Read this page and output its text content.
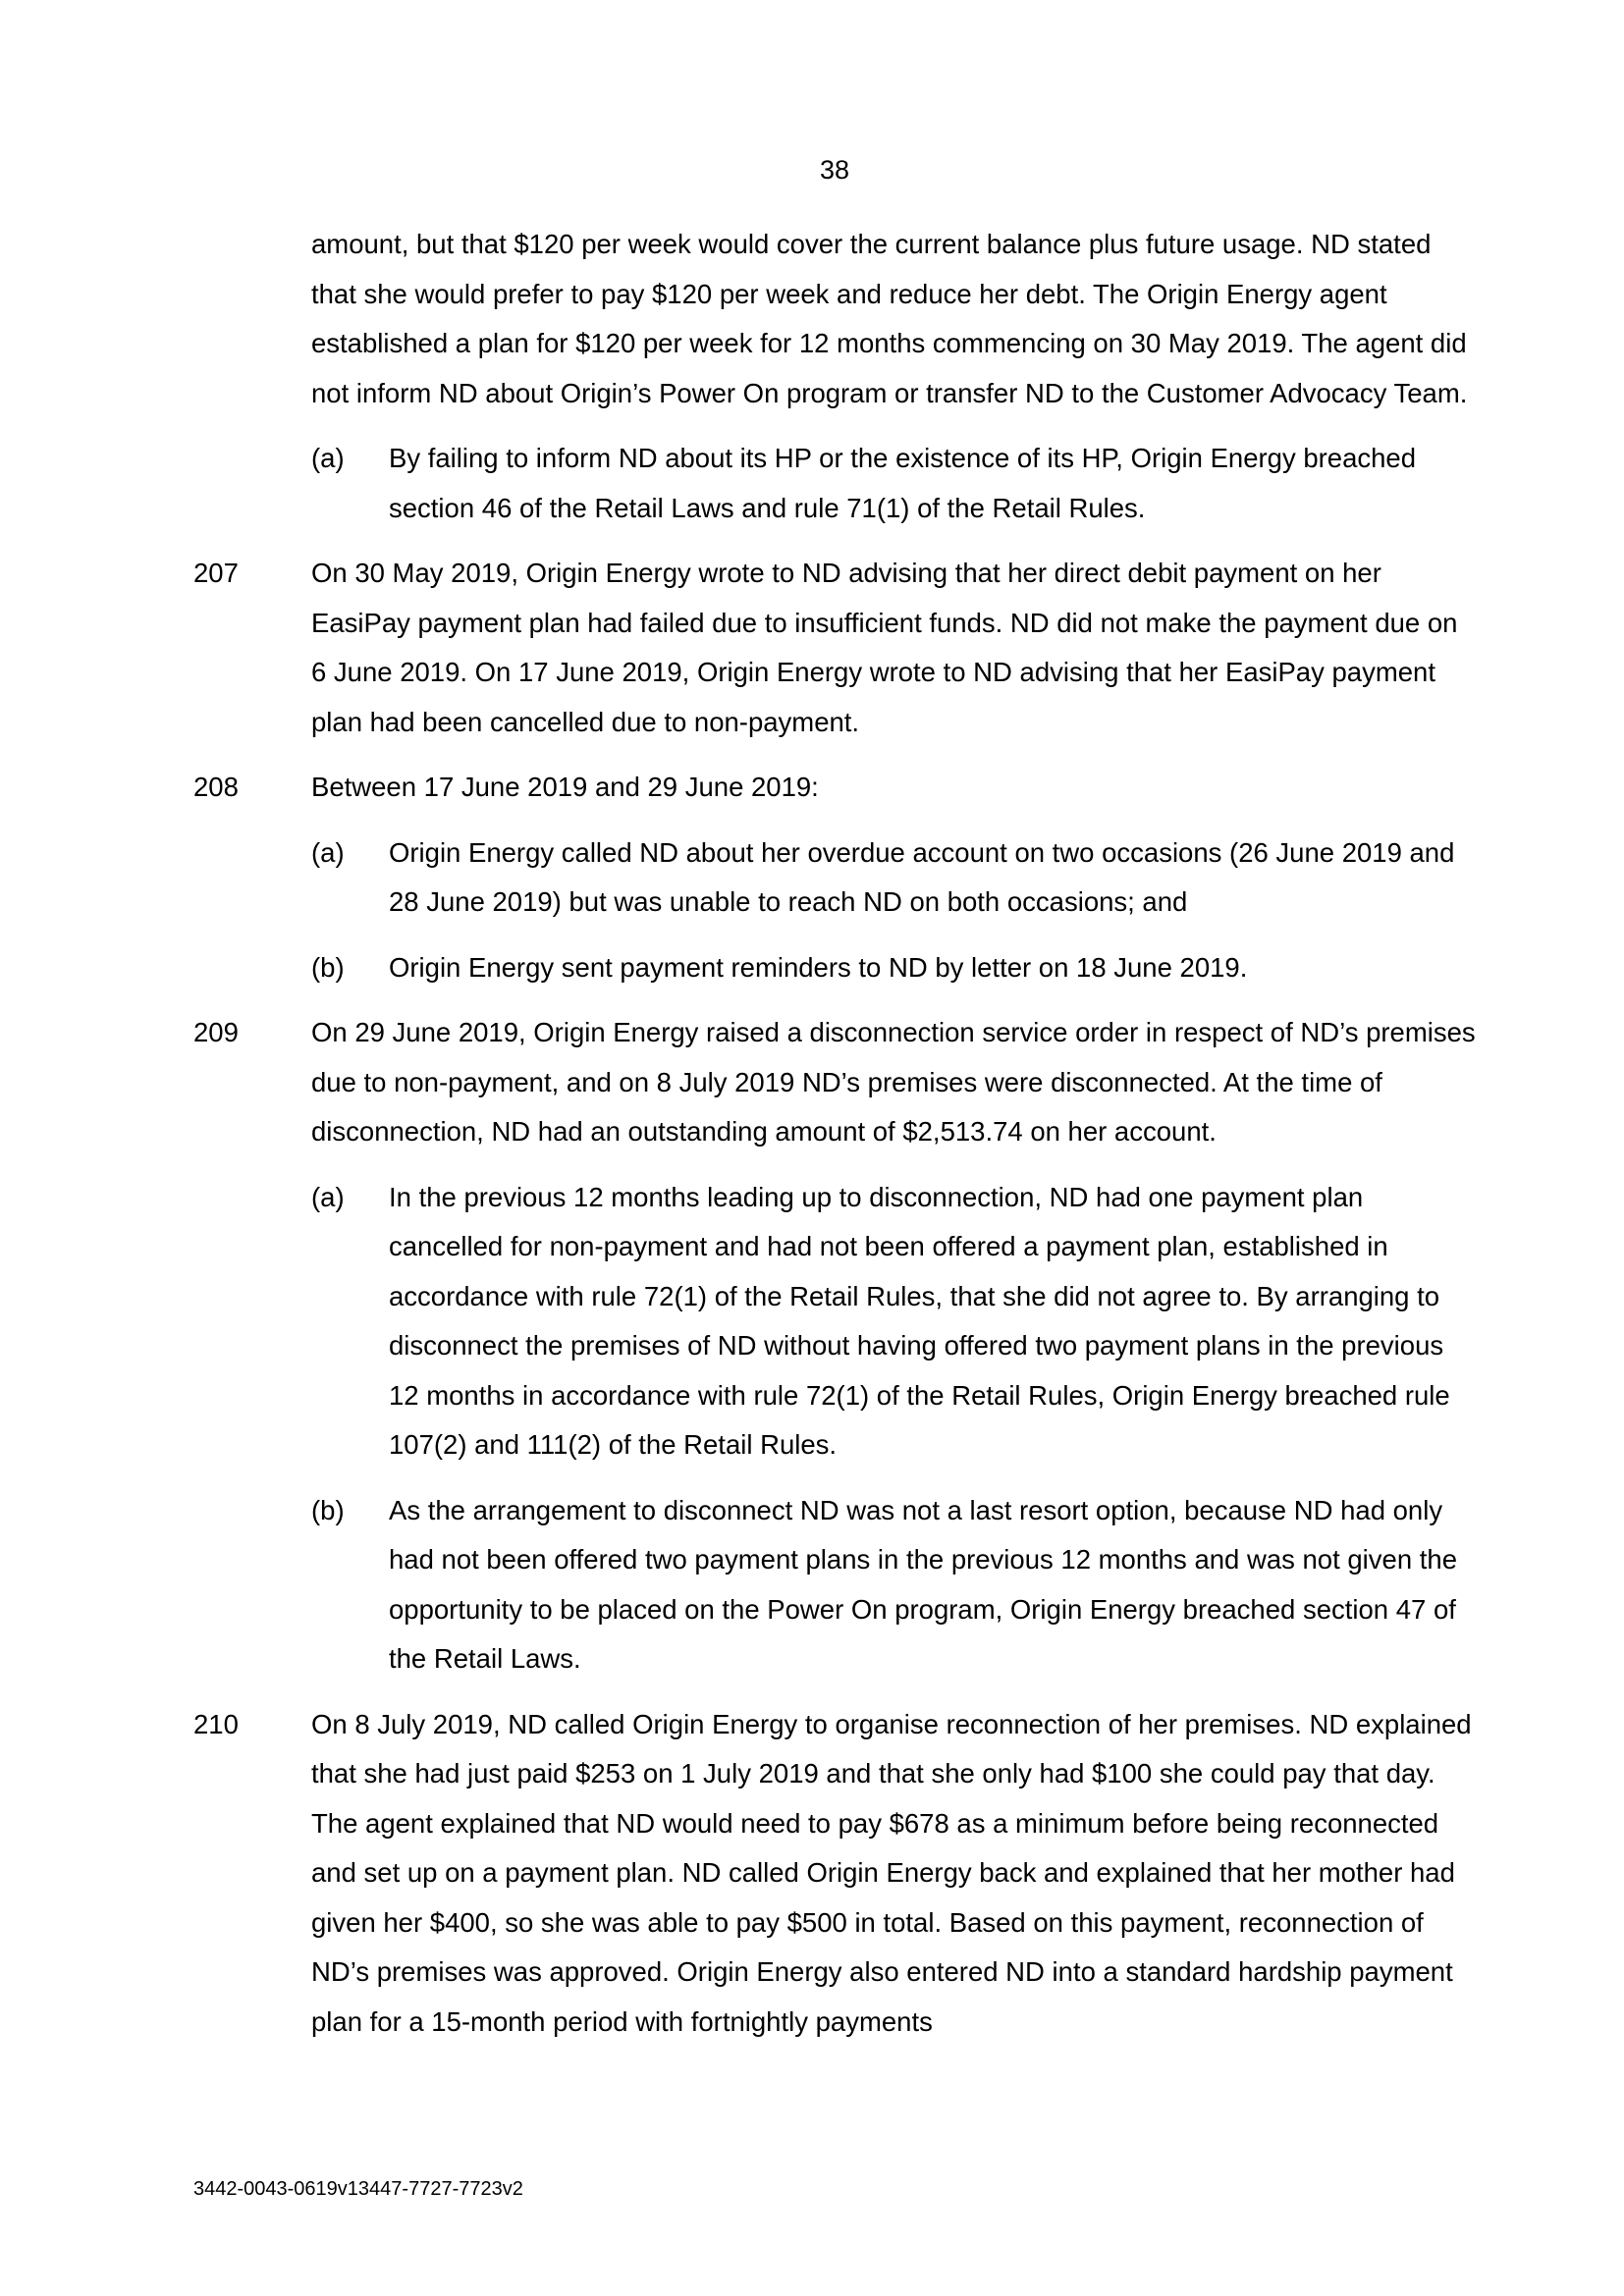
38
amount, but that $120 per week would cover the current balance plus future usage. ND stated that she would prefer to pay $120 per week and reduce her debt. The Origin Energy agent established a plan for $120 per week for 12 months commencing on 30 May 2019. The agent did not inform ND about Origin’s Power On program or transfer ND to the Customer Advocacy Team.
(a) By failing to inform ND about its HP or the existence of its HP, Origin Energy breached section 46 of the Retail Laws and rule 71(1) of the Retail Rules.
207	On 30 May 2019, Origin Energy wrote to ND advising that her direct debit payment on her EasiPay payment plan had failed due to insufficient funds. ND did not make the payment due on 6 June 2019. On 17 June 2019, Origin Energy wrote to ND advising that her EasiPay payment plan had been cancelled due to non-payment.
208	Between 17 June 2019 and 29 June 2019:
(a) Origin Energy called ND about her overdue account on two occasions (26 June 2019 and 28 June 2019) but was unable to reach ND on both occasions; and
(b) Origin Energy sent payment reminders to ND by letter on 18 June 2019.
209	On 29 June 2019, Origin Energy raised a disconnection service order in respect of ND’s premises due to non-payment, and on 8 July 2019 ND’s premises were disconnected. At the time of disconnection, ND had an outstanding amount of $2,513.74 on her account.
(a) In the previous 12 months leading up to disconnection, ND had one payment plan cancelled for non-payment and had not been offered a payment plan, established in accordance with rule 72(1) of the Retail Rules, that she did not agree to. By arranging to disconnect the premises of ND without having offered two payment plans in the previous 12 months in accordance with rule 72(1) of the Retail Rules, Origin Energy breached rule 107(2) and 111(2) of the Retail Rules.
(b) As the arrangement to disconnect ND was not a last resort option, because ND had only had not been offered two payment plans in the previous 12 months and was not given the opportunity to be placed on the Power On program, Origin Energy breached section 47 of the Retail Laws.
210	On 8 July 2019, ND called Origin Energy to organise reconnection of her premises. ND explained that she had just paid $253 on 1 July 2019 and that she only had $100 she could pay that day. The agent explained that ND would need to pay $678 as a minimum before being reconnected and set up on a payment plan. ND called Origin Energy back and explained that her mother had given her $400, so she was able to pay $500 in total. Based on this payment, reconnection of ND’s premises was approved. Origin Energy also entered ND into a standard hardship payment plan for a 15-month period with fortnightly payments
3442-0043-0619v13447-7727-7723v2
